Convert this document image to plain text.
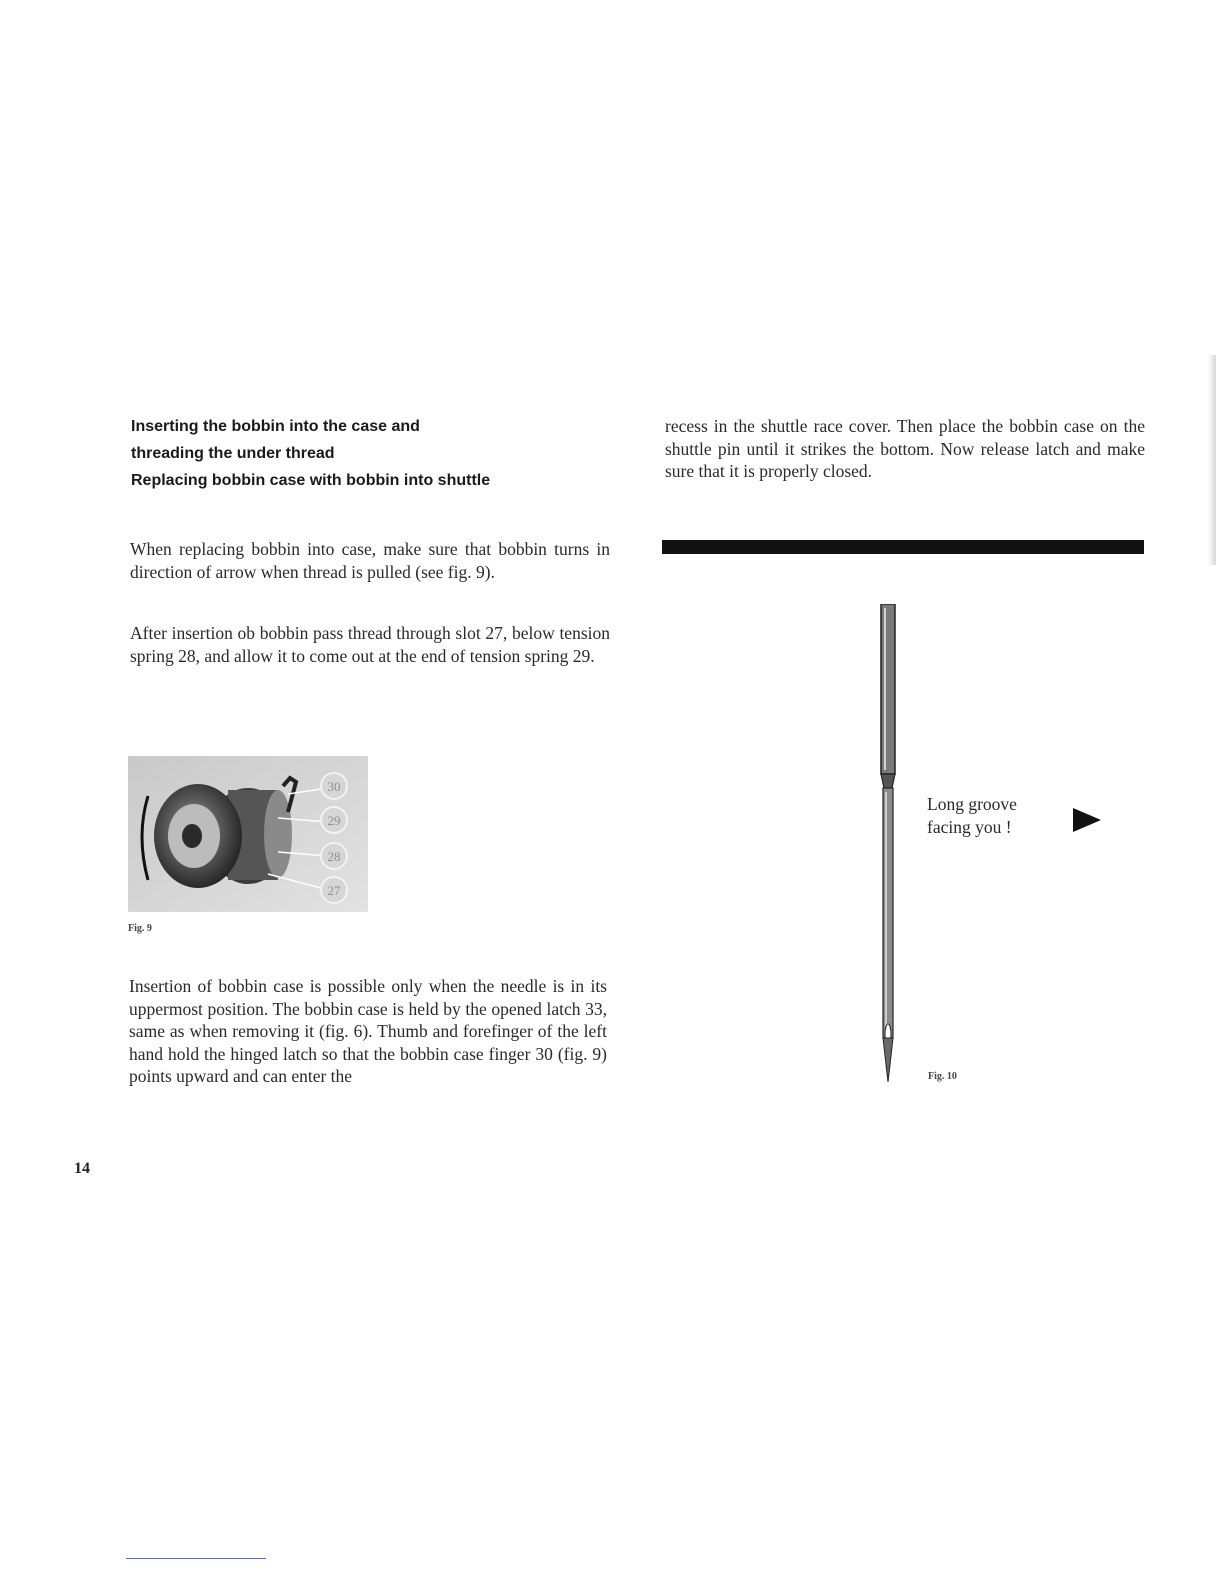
Inserting the bobbin into the case and
threading the under thread
Replacing bobbin case with bobbin into shuttle

When replacing bobbin into case, make sure that bobbin turns in direction of arrow when thread is pulled (see fig. 9).

After insertion ob bobbin pass thread through slot 27, below tension spring 28, and allow it to come out at the end of tension spring 29.

30
29
28
27
Fig. 9

Insertion of bobbin case is possible only when the needle is in its uppermost position. The bobbin case is held by the opened latch 33, same as when removing it (fig. 6). Thumb and forefinger of the left hand hold the hinged latch so that the bobbin case finger 30 (fig. 9) points upward and can enter the

14

recess in the shuttle race cover. Then place the bobbin case on the shuttle pin until it strikes the bottom. Now release latch and make sure that it is properly closed.

Long groove
facing you !
Fig. 10
